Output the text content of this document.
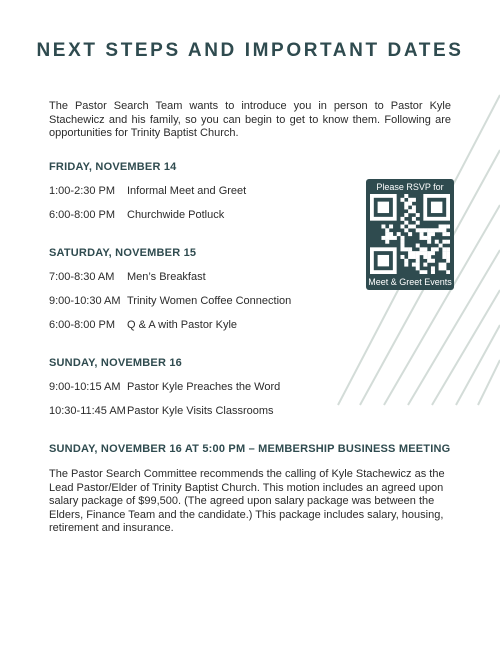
NEXT STEPS AND IMPORTANT DATES
The Pastor Search Team wants to introduce you in person to Pastor Kyle Stachewicz and his family, so you can begin to get to know them. Following are opportunities for Trinity Baptist Church.
FRIDAY, NOVEMBER 14
1:00-2:30 PM Informal Meet and Greet
6:00-8:00 PM Churchwide Potluck
SATURDAY, NOVEMBER 15
7:00-8:30 AM Men’s Breakfast
9:00-10:30 AM Trinity Women Coffee Connection
6:00-8:00 PM Q & A with Pastor Kyle
SUNDAY, NOVEMBER 16
9:00-10:15 AM Pastor Kyle Preaches the Word
10:30-11:45 AMPastor Kyle Visits Classrooms
SUNDAY, NOVEMBER 16 AT 5:00 PM – MEMBERSHIP BUSINESS MEETING
The Pastor Search Committee recommends the calling of Kyle Stachewicz as the Lead Pastor/Elder of Trinity Baptist Church. This motion includes an agreed upon salary package of $99,500. (The agreed upon salary package was between the Elders, Finance Team and the candidate.) This package includes salary, housing, retirement and insurance.
Please RSVP for
Meet & Greet Events
